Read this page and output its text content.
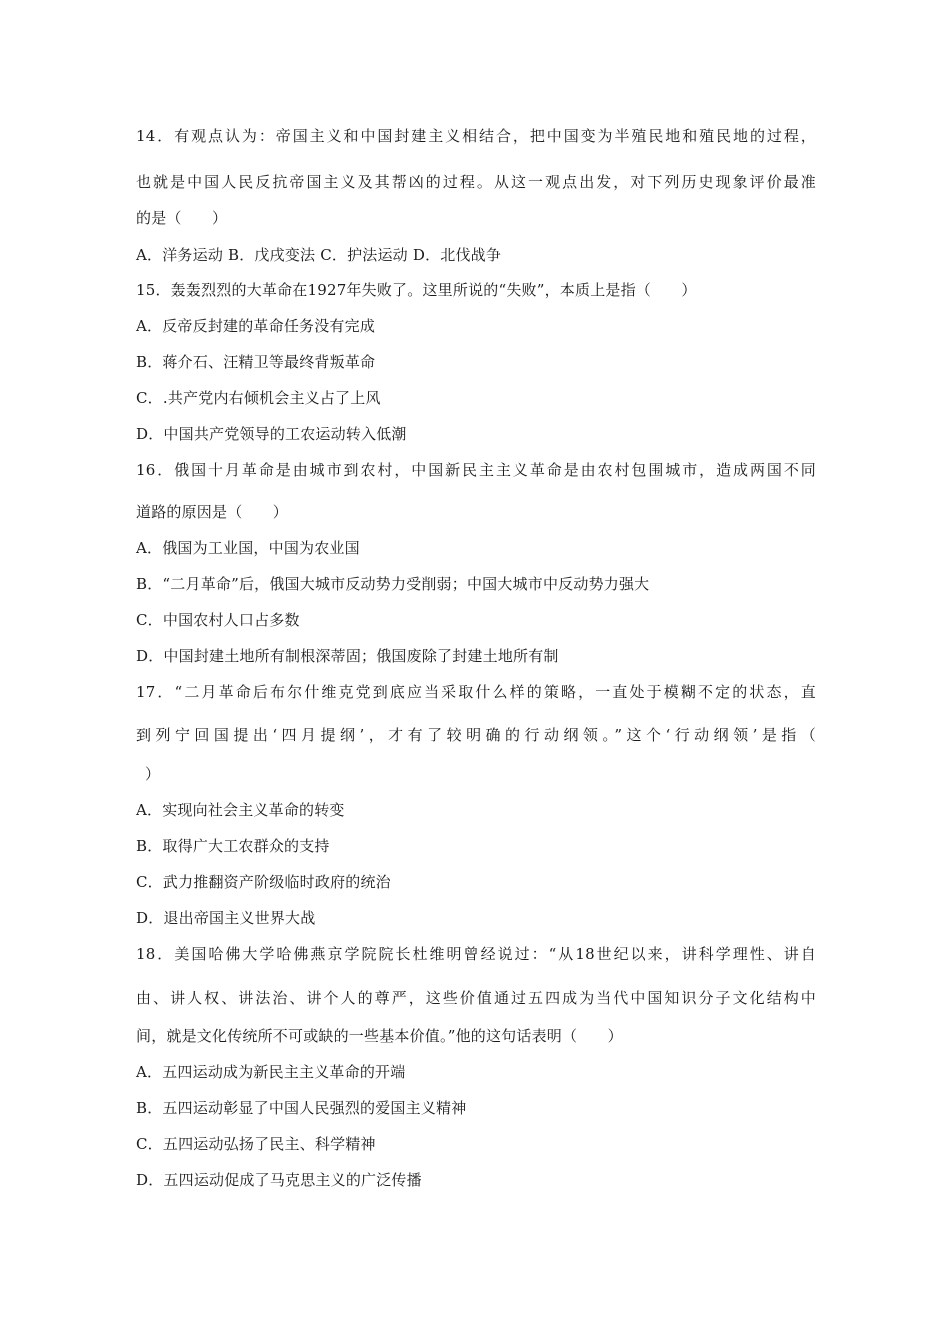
14．有观点认为：帝国主义和中国封建主义相结合，把中国变为半殖民地和殖民地的过程，
也就是中国人民反抗帝国主义及其帮凶的过程。从这一观点出发，对下列历史现象评价最准
的是（　　）
A．洋务运动 B．戊戌变法 C．护法运动 D．北伐战争
15．轰轰烈烈的大革命在1927年失败了。这里所说的“失败”，本质上是指（　　）
A．反帝反封建的革命任务没有完成
B．蒋介石、汪精卫等最终背叛革命
C．.共产党内右倾机会主义占了上风
D．中国共产党领导的工农运动转入低潮
16．俄国十月革命是由城市到农村，中国新民主主义革命是由农村包围城市，造成两国不同
道路的原因是（　　）
A．俄国为工业国，中国为农业国
B．“二月革命”后，俄国大城市反动势力受削弱；中国大城市中反动势力强大
C．中国农村人口占多数
D．中国封建土地所有制根深蒂固；俄国废除了封建土地所有制
17．“二月革命后布尔什维克党到底应当采取什么样的策略，一直处于模糊不定的状态，直
到列宁回国提出‘四月提纲’，才有了较明确的行动纲领。”这个‘行动纲领’是指（
）
A．实现向社会主义革命的转变
B．取得广大工农群众的支持
C．武力推翻资产阶级临时政府的统治
D．退出帝国主义世界大战
18．美国哈佛大学哈佛燕京学院院长杜维明曾经说过：“从18世纪以来，讲科学理性、讲自
由、讲人权、讲法治、讲个人的尊严，这些价值通过五四成为当代中国知识分子文化结构中
间，就是文化传统所不可或缺的一些基本价值。”他的这句话表明（　　）
A．五四运动成为新民主主义革命的开端
B．五四运动彰显了中国人民强烈的爱国主义精神
C．五四运动弘扬了民主、科学精神
D．五四运动促成了马克思主义的广泛传播
